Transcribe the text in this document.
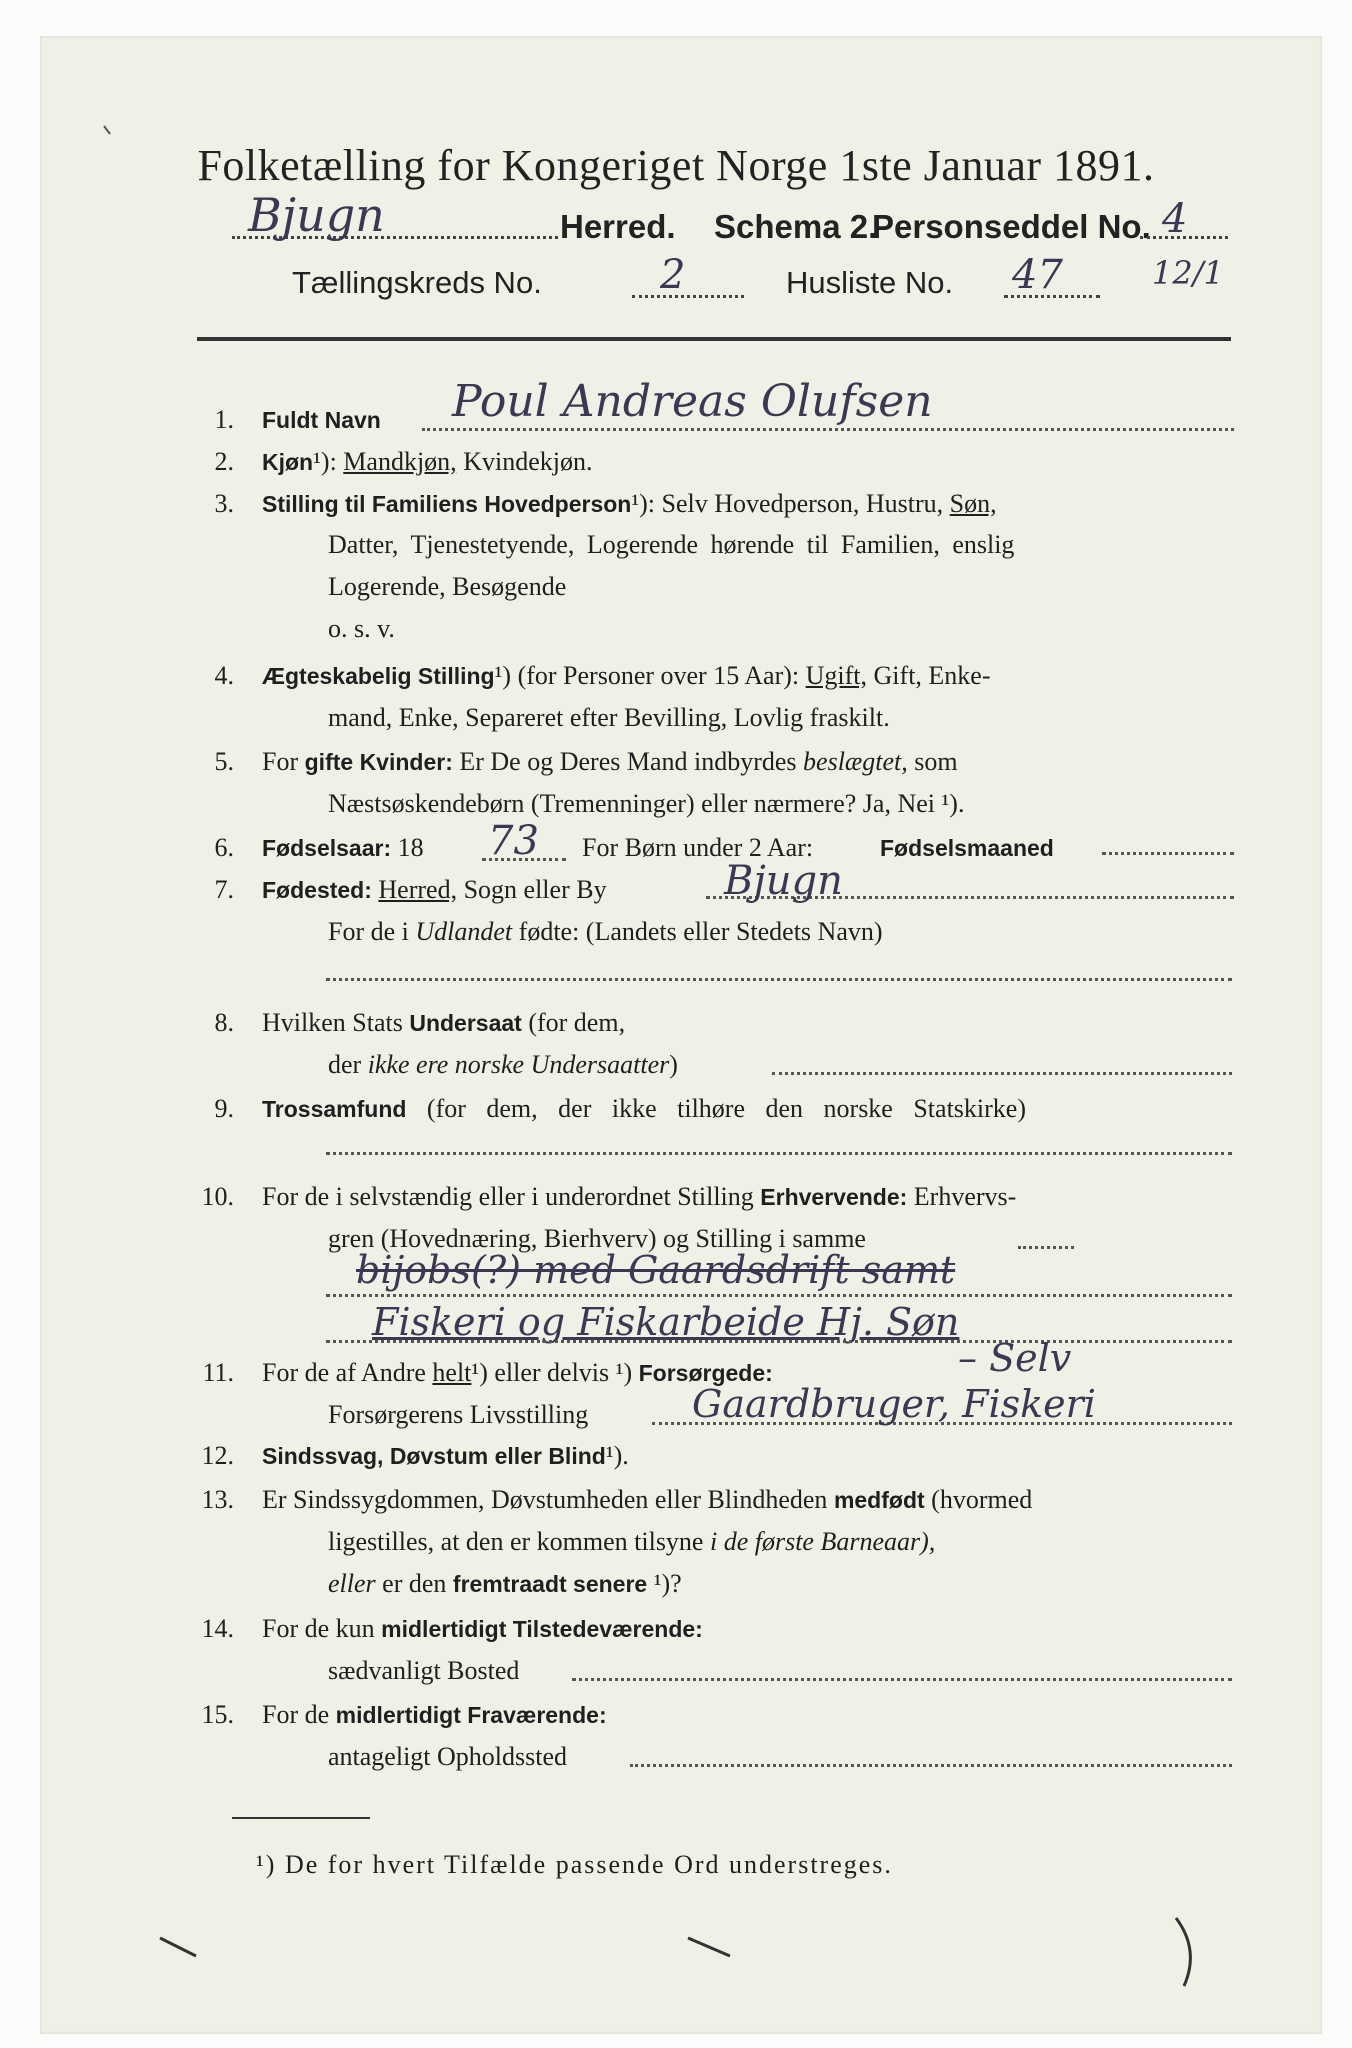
Folketælling for Kongeriget Norge 1ste Januar 1891.
Bjugn	Herred. Schema 2.
Personseddel No. 4
Tællingskreds No.	2	Husliste No. 47	12/1
1. Fuldt Navn Poul Andreas Olufsen
2. Kjøn¹): Mandkjøn, Kvindekjøn.
3. Stilling til Familiens Hovedperson¹): Selv Hovedperson, Hustru, Søn,
Datter, Tjenestetyende, Logerende hørende til Familien, enslig
Logerende, Besøgende
o. s. v.
4. Ægteskabelig Stilling¹) (for Personer over 15 Aar): Ugift, Gift, Enke-
mand, Enke, Separeret efter Bevilling, Lovlig fraskilt.
5. For gifte Kvinder: Er De og Deres Mand indbyrdes beslægtet, som
Næstsøskendebørn (Tremenninger) eller nærmere? Ja, Nei ¹).
6. Fødselsaar: 18 73 For Børn under 2 Aar:	Fødselsmaaned
7. Fødested: Herred, Sogn eller By	Bjugn
For de i Udlandet fødte: (Landets eller Stedets Navn)
8. Hvilken Stats Undersaat (for dem,
der ikke ere norske Undersaatter)
9. Trossamfund (for dem, der ikke tilhøre den norske Statskirke)
10. For de i selvstændig eller i underordnet Stilling Erhvervende: Erhvervs-
gren (Hovednæring, Bierhverv) og Stilling i samme
bijobs(?) med Gaardsdrift samt
Fiskeri og Fiskarbeide Hj. Søn
11. For de af Andre helt¹) eller delvis ¹) Forsørgede:	– Selv
Forsørgerens Livsstilling	Gaardbruger, Fiskeri
12. Sindssvag, Døvstum eller Blind¹).
13. Er Sindssygdommen, Døvstumheden eller Blindheden medfødt (hvormed
ligestilles, at den er kommen tilsyne i de første Barneaar),
eller er den fremtraadt senere ¹)?
14. For de kun midlertidigt Tilstedeværende:
sædvanligt Bosted
15. For de midlertidigt Fraværende:
antageligt Opholdssted
¹) De for hvert Tilfælde passende Ord understreges.
